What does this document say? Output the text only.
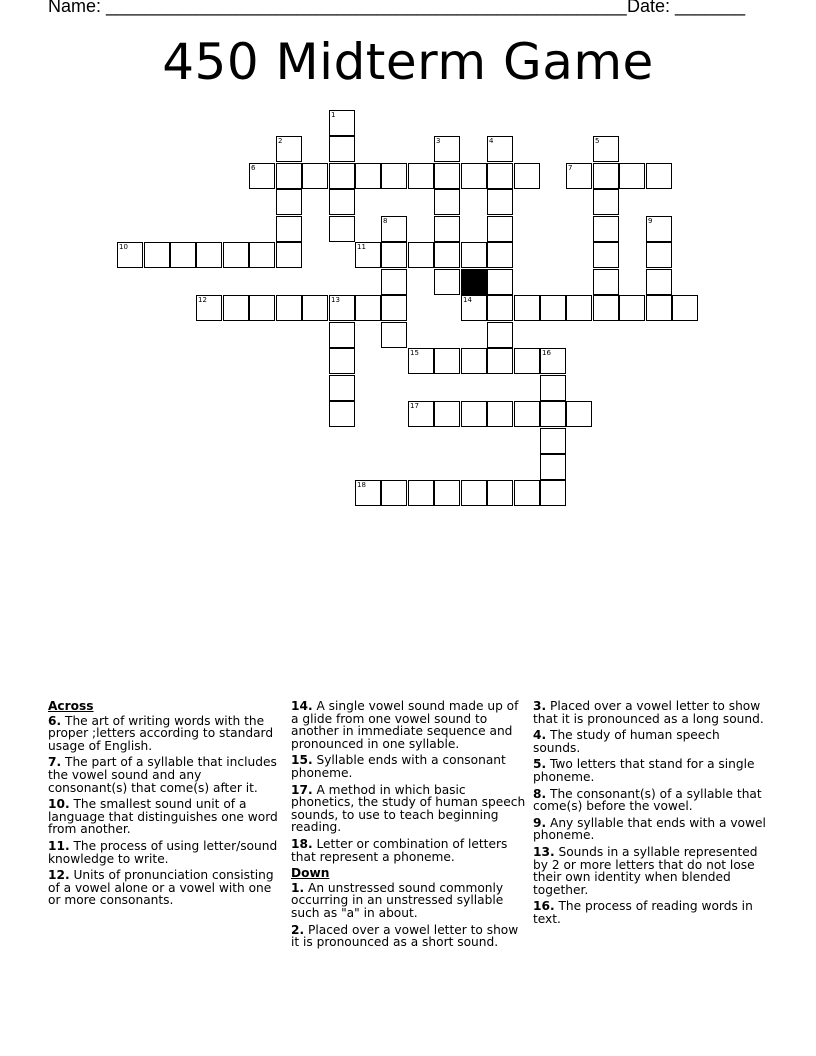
Name: ____________________________________________________ Date: _______
450 Midterm Game
1
2	3	4	5
6	7
8	9
10	11
12	13	14
15	16
17
18
Across
6. The art of writing words with the proper ;letters according to standard usage of English.
7. The part of a syllable that includes the vowel sound and any consonant(s) that come(s) after it.
10. The smallest sound unit of a language that distinguishes one word from another.
11. The process of using letter/sound knowledge to write.
12. Units of pronunciation consisting of a vowel alone or a vowel with one or more consonants.
14. A single vowel sound made up of a glide from one vowel sound to another in immediate sequence and pronounced in one syllable.
15. Syllable ends with a consonant phoneme.
17. A method in which basic phonetics, the study of human speech sounds, to use to teach beginning reading.
18. Letter or combination of letters that represent a phoneme.
Down
1. An unstressed sound commonly occurring in an unstressed syllable such as "a" in about.
2. Placed over a vowel letter to show it is pronounced as a short sound.
3. Placed over a vowel letter to show that it is pronounced as a long sound.
4. The study of human speech sounds.
5. Two letters that stand for a single phoneme.
8. The consonant(s) of a syllable that come(s) before the vowel.
9. Any syllable that ends with a vowel phoneme.
13. Sounds in a syllable represented by 2 or more letters that do not lose their own identity when blended together.
16. The process of reading words in text.
